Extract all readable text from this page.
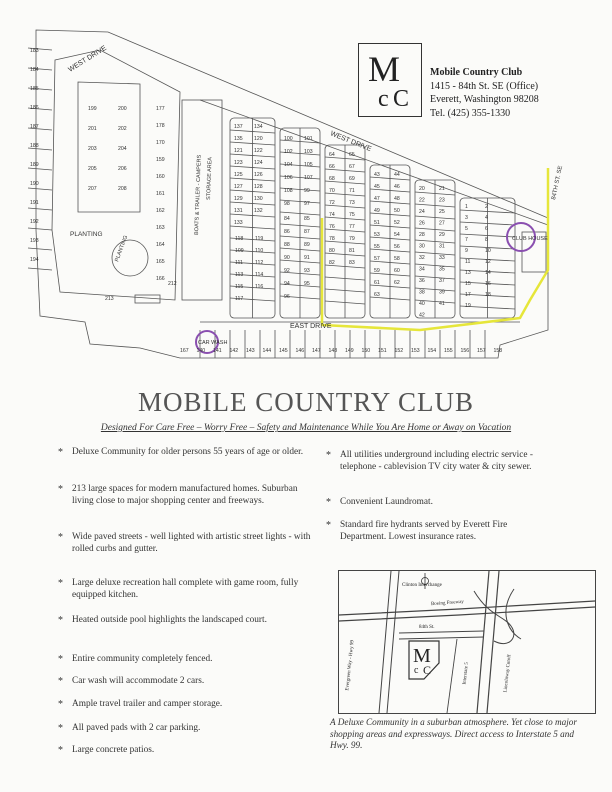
167 140 141 142 143 144 145 146 147 148 149 150 151 152 153 154 155 156 157 158
183
184
185
186
187
188
189
190
191
192
193
194
199	200
201	202
203	204
205	206
207	208
177
178
170
159
160
161
162
163
164
165
166
137 134
135 120
121 122
123 124
125 126
127 128
129 130
131 132
133
118 119
109 110
111 112
113 114
115 116
117
100 101
102 103
104 105
106 107
108 99
98	97
84	85
86	87
88	89
90	91
92	93
94	95
96
64	65
66	67
68	69
70	71
72	73
74	75
76	77
78	79
80	81
82	83
43	44
45	46
47	48
49	50
51	52
53	54
55	56
57	58
59	60
61	62
63
20	21
22	23
24	25
26	27
28	29
30	31
32	33
34	35
36	37
38	39
40	41
42
1	2
3	4
5	6
7	8
9	10
11	12
13	14
15	16
17	18
19
213
212
WEST DRIVE
WEST DRIVE
EAST DRIVE
84TH ST. SE
PLANTING
PLANTING
BOATS & TRAILER - CAMPERS STORAGE AREA
CLUB HOUSE
CAR WASH
M
c C
Mobile Country Club
1415 - 84th St. SE (Office)
Everett, Washington 98208
Tel. (425) 355-1330
MOBILE COUNTRY CLUB
Designed For Care Free – Worry Free – Safety and Maintenance While You Are Home or Away on Vacation
* Deluxe Community for older persons 55 years of age or older.
* 213 large spaces for modern manufactured homes. Suburban living close to major shopping center and freeways.
* Wide paved streets - well lighted with artistic street lights - with rolled curbs and gutter.
* Large deluxe recreation hall complete with game room, fully equipped kitchen.
* Heated outside pool highlights the landscaped court.
* Entire community completely fenced.
* Car wash will accommodate 2 cars.
* Ample travel trailer and camper storage.
* All paved pads with 2 car parking.
* Large concrete patios.
* All utilities underground including electric service - telephone - cablevision TV city water & city sewer.
* Convenient Laundromat.
* Standard fire hydrants served by Everett Fire Department. Lowest insurance rates.
Clinton Interchange
Boeing Freeway
84th St.
Evergreen Way - Hwy 99	Interstate 5	Lincolnway Cutoff
M
c C
A Deluxe Community in a suburban atmosphere. Yet close to major shopping areas and expressways. Direct access to Interstate 5 and Hwy. 99.
